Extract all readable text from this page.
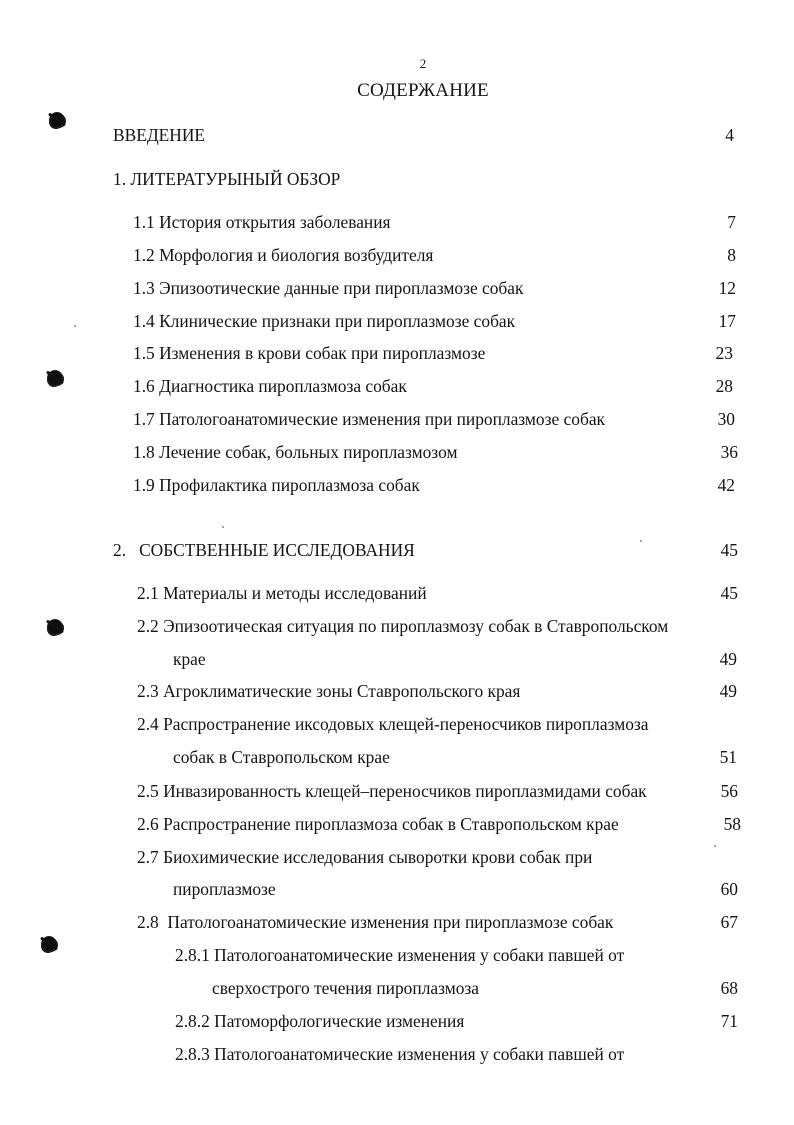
2
СОДЕРЖАНИЕ
ВВЕДЕНИЕ	4
1. ЛИТЕРАТУРЫНЫЙ ОБЗОР
1.1 История открытия заболевания	7
1.2 Морфология и биология возбудителя	8
1.3 Эпизоотические данные при пироплазмозе собак	12
1.4 Клинические признаки при пироплазмозе собак	17
1.5 Изменения в крови собак при пироплазмозе	23
1.6 Диагностика пироплазмоза собак	28
1.7 Патологоанатомические изменения при пироплазмозе собак	30
1.8 Лечение собак, больных пироплазмозом	36
1.9 Профилактика пироплазмоза собак	42
2.   СОБСТВЕННЫЕ ИССЛЕДОВАНИЯ	45
2.1 Материалы и методы исследований	45
2.2 Эпизоотическая ситуация по пироплазмозу собак в Ставропольском
крае	49
2.3 Агроклиматические зоны Ставропольского края	49
2.4 Распространение иксодовых клещей-переносчиков пироплазмоза
собак в Ставропольском крае	51
2.5 Инвазированность клещей–переносчиков пироплазмидами собак	56
2.6 Распространение пироплазмоза собак в Ставропольском крае	58
2.7 Биохимические исследования сыворотки крови собак при
пироплазмозе	60
2.8  Патологоанатомические изменения при пироплазмозе собак	67
2.8.1 Патологоанатомические изменения у собаки павшей от
сверхострого течения пироплазмоза	68
2.8.2 Патоморфологические изменения	71
2.8.3 Патологоанатомические изменения у собаки павшей от
